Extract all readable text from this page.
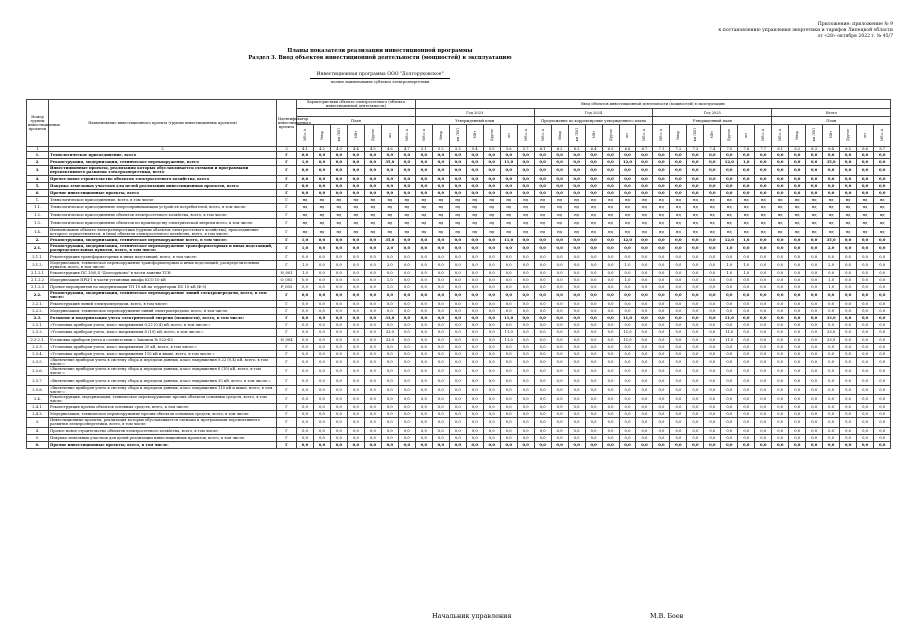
Приложение: приложение № 9
к постановлению управления энергетики и тарифов Липецкой области
от «28» октября 2022 г. № 45/7
Планы показатели реализации инвестиционной программы
Раздел 3. Ввод объектов инвестиционной деятельности (мощностей) в эксплуатацию
Инвестиционная программа ООО "Долгоруковское"
полное наименование субъекта электроэнергетики
Номер группы инвестиционных проектов	Наименование инвестиционного проекта (группы инвестиционных проектов)	Идентификатор инвестиционного проекта	Характеристики объекта электросетевого (объекта инвестиционной деятельности)							Ввод объектов инвестиционной деятельности (мощностей) в эксплуатацию																											
										Год 2023							Год 2024							Год 2025							Итого						
			План							Утвержденный план							Предложение по корректировке утвержденного плана							Утвержденный план							План						
			МВ×А	Мвар	км ЛЭП	МВт	Другое	шт	МВ×А	МВ×А	Мвар	км ЛЭП	МВт	Другое	шт	МВ×А	МВ×А	Мвар	км ЛЭП	МВт	Другое	шт	МВ×А	МВ×А	Мвар	км ЛЭП	МВт	Другое	шт	МВ×А	МВ×А	Мвар	км ЛЭП	МВт	Другое	шт	МВ×А
1	2	3	4.1	4.2	4.3	4.4	4.5	4.6	4.7	5.1	5.2	5.3	5.4	5.5	5.6	5.7	6.1	6.2	6.3	6.4	6.5	6.6	6.7	7.1	7.2	7.3	7.4	7.5	7.6	7.7	8.1	8.2	8.3	8.4	8.5	8.6	8.7
1.	Технологическое присоединение, всего	Г	0,0	0,0	0,0	0,0	0,0	0,0	0,0	0,0	0,0	0,0	0,0	0,0	0,0	0,0	0,0	0,0	0,0	0,0	0,0	0,0	0,0	0,0	0,0	0,0	0,0	0,0	0,0	0,0	0,0	0,0	0,0	0,0	0,0	0,0	0,0
2.	Реконструкция, модернизация, техническое перевооружение, всего	Г	1,0	0,0	0,0	0,0	0,0	35,0	0,0	0,0	0,0	0,0	0,0	0,0	11,0	0,0	0,0	0,0	0,0	0,0	0,0	12,0	0,0	0,0	0,0	0,0	0,0	12,0	1,0	0,0	0,0	0,0	0,0	35,0	0,0	0,0	0,0
3.	Инвестиционные проекты, реализация которых обуславливается схемами и программами перспективного развития электроэнергетики, всего	Г	0,0	0,0	0,0	0,0	0,0	0,0	0,0	0,0	0,0	0,0	0,0	0,0	0,0	0,0	0,0	0,0	0,0	0,0	0,0	0,0	0,0	0,0	0,0	0,0	0,0	0,0	0,0	0,0	0,0	0,0	0,0	0,0	0,0	0,0	0,0
4.	Прочее новое строительство объектов электросетевого хозяйства, всего	Г	0,0	0,0	0,0	0,0	0,0	0,0	0,0	0,0	0,0	0,0	0,0	0,0	0,0	0,0	0,0	0,0	0,0	0,0	0,0	0,0	0,0	0,0	0,0	0,0	0,0	0,0	0,0	0,0	0,0	0,0	0,0	0,0	0,0	0,0	0,0
5.	Покупка земельных участков для целей реализации инвестиционных проектов, всего	Г	0,0	0,0	0,0	0,0	0,0	0,0	0,0	0,0	0,0	0,0	0,0	0,0	0,0	0,0	0,0	0,0	0,0	0,0	0,0	0,0	0,0	0,0	0,0	0,0	0,0	0,0	0,0	0,0	0,0	0,0	0,0	0,0	0,0	0,0	0,0
6.	Прочие инвестиционные проекты, всего	Г	0,0	0,0	0,0	0,0	0,0	0,0	0,0	0,0	0,0	0,0	0,0	0,0	0,0	0,0	0,0	0,0	0,0	0,0	0,0	0,0	0,0	0,0	0,0	0,0	0,0	0,0	0,0	0,0	0,0	0,0	0,0	0,0	0,0	0,0	0,0
1.	Технологическое присоединение, всего, в том числе:	Г	нд	нд	нд	нд	нд	нд	нд	нд	нд	нд	нд	нд	нд	нд	нд	нд	нд	нд	нд	нд	нд	нд	нд	нд	нд	нд	нд	нд	нд	нд	нд	нд	нд	нд	нд
1.1.	Технологическое присоединение энергопринимающих устройств потребителей, всего, в том числе:	Г	нд	нд	нд	нд	нд	нд	нд	нд	нд	нд	нд	нд	нд	нд	нд	нд	нд	нд	нд	нд	нд	нд	нд	нд	нд	нд	нд	нд	нд	нд	нд	нд	нд	нд	нд
1.2.	Технологическое присоединение объектов электросетевого хозяйства, всего, в том числе:	Г	нд	нд	нд	нд	нд	нд	нд	нд	нд	нд	нд	нд	нд	нд	нд	нд	нд	нд	нд	нд	нд	нд	нд	нд	нд	нд	нд	нд	нд	нд	нд	нд	нд	нд	нд
1.3.	Технологическое присоединение объектов по производству электрической энергии всего, в том числе:	Г	нд	нд	нд	нд	нд	нд	нд	нд	нд	нд	нд	нд	нд	нд	нд	нд	нд	нд	нд	нд	нд	нд	нд	нд	нд	нд	нд	нд	нд	нд	нд	нд	нд	нд	нд
1.4.	Наименование объекта электроэнергетики (группы объектов электросетевого хозяйства), присоединение которого осуществляется, и (или) объектов электросетевого хозяйства, всего, в том числе:	Г	нд	нд	нд	нд	нд	нд	нд	нд	нд	нд	нд	нд	нд	нд	нд	нд	нд	нд	нд	нд	нд	нд	нд	нд	нд	нд	нд	нд	нд	нд	нд	нд	нд	нд	нд
2.	Реконструкция, модернизация, техническое перевооружение всего, в том числе:	Г	1,0	0,0	0,0	0,0	0,0	35,0	0,0	0,0	0,0	0,0	0,0	0,0	11,0	0,0	0,0	0,0	0,0	0,0	0,0	12,0	0,0	0,0	0,0	0,0	0,0	12,0	1,0	0,0	0,0	0,0	0,0	35,0	0,0	0,0	0,0
2.1.	Реконструкция, модернизация, техническое перевооружение трансформаторных и иных подстанций, распределительных пунктов, всего, в том числе:	Г	1,0	0,0	0,0	0,0	0,0	2,0	0,0	0,0	0,0	0,0	0,0	0,0	0,0	0,0	0,0	0,0	0,0	0,0	0,0	0,0	0,0	0,0	0,0	0,0	0,0	1,0	0,0	0,0	0,0	0,0	0,0	2,0	0,0	0,0	0,0
2.1.1.	Реконструкция трансформаторных и иных подстанций, всего, в том числе:	Г	0,0	0,0	0,0	0,0	0,0	0,0	0,0	0,0	0,0	0,0	0,0	0,0	0,0	0,0	0,0	0,0	0,0	0,0	0,0	0,0	0,0	0,0	0,0	0,0	0,0	0,0	0,0	0,0	0,0	0,0	0,0	0,0	0,0	0,0	0,0
2.1.2.	Модернизация, техническое перевооружение трансформаторных и иных подстанций, распределительных пунктов, всего, в том числе:	Г	1,0	0,0	0,0	0,0	0,0	2,0	0,0	0,0	0,0	0,0	0,0	0,0	0,0	0,0	0,0	0,0	0,0	0,0	0,0	1,0	0,0	0,0	0,0	0,0	0,0	1,0	1,0	0,0	0,0	0,0	0,0	2,0	0,0	0,0	0,0
2.1.2.1	Реконструкция ПС 10/0,4 "Долгоруково" в части замены ТСН	N_001	1,0	0,0	0,0	0,0	0,0	0,0	0,0	0,0	0,0	0,0	0,0	0,0	0,0	0,0	0,0	0,0	0,0	0,0	0,0	0,0	0,0	0,0	0,0	0,0	0,0	1,0	1,0	0,0	0,0	0,0	0,0	0,0	0,0	0,0	0,0
2.1.2.2	Модернизация ПРЦ-1 в части установки шкафа КСО 10 кВ	O_002	0,0	0,0	0,0	0,0	0,0	1,0	0,0	0,0	0,0	0,0	0,0	0,0	0,0	0,0	0,0	0,0	0,0	0,0	0,0	1,0	0,0	0,0	0,0	0,0	0,0	0,0	0,0	0,0	0,0	0,0	0,0	1,0	0,0	0,0	0,0
2.1.2.3	Прочие мероприятия по модернизации ТП 10 кВ на территории ПС 10 кВ (Ф-5)	P_003	0,0	0,0	0,0	0,0	0,0	1,0	0,0	0,0	0,0	0,0	0,0	0,0	0,0	0,0	0,0	0,0	0,0	0,0	0,0	0,0	0,0	0,0	0,0	0,0	0,0	0,0	0,0	0,0	0,0	0,0	0,0	1,0	0,0	0,0	0,0
2.2.	Реконструкция, модернизация, техническое перевооружение линий электропередачи, всего, в том числе:	Г	0,0	0,0	0,0	0,0	0,0	0,0	0,0	0,0	0,0	0,0	0,0	0,0	0,0	0,0	0,0	0,0	0,0	0,0	0,0	0,0	0,0	0,0	0,0	0,0	0,0	0,0	0,0	0,0	0,0	0,0	0,0	0,0	0,0	0,0	0,0
2.2.1.	Реконструкция линий электропередачи, всего, в том числе:	Г	0,0	0,0	0,0	0,0	0,0	0,0	0,0	0,0	0,0	0,0	0,0	0,0	0,0	0,0	0,0	0,0	0,0	0,0	0,0	0,0	0,0	0,0	0,0	0,0	0,0	0,0	0,0	0,0	0,0	0,0	0,0	0,0	0,0	0,0	0,0
2.2.2.	Модернизация, техническое перевооружение линий электропередачи, всего, в том числе:	Г	0,0	0,0	0,0	0,0	0,0	0,0	0,0	0,0	0,0	0,0	0,0	0,0	0,0	0,0	0,0	0,0	0,0	0,0	0,0	0,0	0,0	0,0	0,0	0,0	0,0	0,0	0,0	0,0	0,0	0,0	0,0	0,0	0,0	0,0	0,0
2.3.	Развитие и модернизация учета электрической энергии (мощности), всего, в том числе:	Г	0,0	0,0	0,0	0,0	0,0	33,0	0,0	0,0	0,0	0,0	0,0	0,0	11,0	0,0	0,0	0,0	0,0	0,0	0,0	11,0	0,0	0,0	0,0	0,0	0,0	11,0	0,0	0,0	0,0	0,0	0,0	33,0	0,0	0,0	0,0
2.3.1.	«Установка приборов учета, класс напряжения 0,22 (0,4) кВ, всего, в том числе:»	Г	0,0	0,0	0,0	0,0	0,0	0,0	0,0	0,0	0,0	0,0	0,0	0,0	0,0	0,0	0,0	0,0	0,0	0,0	0,0	0,0	0,0	0,0	0,0	0,0	0,0	0,0	0,0	0,0	0,0	0,0	0,0	0,0	0,0	0,0	0,0
2.3.2.	«Установка приборов учета, класс напряжения 6 (10) кВ, всего, в том числе:»	Г	0,0	0,0	0,0	0,0	0,0	33,0	0,0	0,0	0,0	0,0	0,0	0,0	11,0	0,0	0,0	0,0	0,0	0,0	0,0	11,0	0,0	0,0	0,0	0,0	0,0	11,0	0,0	0,0	0,0	0,0	0,0	33,0	0,0	0,0	0,0
2.3.2.1.	Установка приборов учета в соответствии с Законом № 522-ФЗ	N_004	0,0	0,0	0,0	0,0	0,0	33,0	0,0	0,0	0,0	0,0	0,0	0,0	11,0	0,0	0,0	0,0	0,0	0,0	0,0	11,0	0,0	0,0	0,0	0,0	0,0	11,0	0,0	0,0	0,0	0,0	0,0	33,0	0,0	0,0	0,0
2.3.3.	«Установка приборов учета, класс напряжения 35 кВ, всего, в том числе:»	Г	0,0	0,0	0,0	0,0	0,0	0,0	0,0	0,0	0,0	0,0	0,0	0,0	0,0	0,0	0,0	0,0	0,0	0,0	0,0	0,0	0,0	0,0	0,0	0,0	0,0	0,0	0,0	0,0	0,0	0,0	0,0	0,0	0,0	0,0	0,0
2.3.4.	«Установка приборов учета, класс напряжения 110 кВ и выше, всего, в том числе:»	Г	0,0	0,0	0,0	0,0	0,0	0,0	0,0	0,0	0,0	0,0	0,0	0,0	0,0	0,0	0,0	0,0	0,0	0,0	0,0	0,0	0,0	0,0	0,0	0,0	0,0	0,0	0,0	0,0	0,0	0,0	0,0	0,0	0,0	0,0	0,0
2.3.5.	«Включение приборов учета в систему сбора и передачи данных, класс напряжения 0,22 (0,4) кВ, всего, в том числе:»	Г	0,0	0,0	0,0	0,0	0,0	0,0	0,0	0,0	0,0	0,0	0,0	0,0	0,0	0,0	0,0	0,0	0,0	0,0	0,0	0,0	0,0	0,0	0,0	0,0	0,0	0,0	0,0	0,0	0,0	0,0	0,0	0,0	0,0	0,0	0,0
2.3.6.	«Включение приборов учета в систему сбора и передачи данных, класс напряжения 6 (10) кВ, всего, в том числе:»	Г	0,0	0,0	0,0	0,0	0,0	0,0	0,0	0,0	0,0	0,0	0,0	0,0	0,0	0,0	0,0	0,0	0,0	0,0	0,0	0,0	0,0	0,0	0,0	0,0	0,0	0,0	0,0	0,0	0,0	0,0	0,0	0,0	0,0	0,0	0,0
2.3.7.	«Включение приборов учета в систему сбора и передачи данных, класс напряжения 35 кВ, всего, в том числе:»	Г	0,0	0,0	0,0	0,0	0,0	0,0	0,0	0,0	0,0	0,0	0,0	0,0	0,0	0,0	0,0	0,0	0,0	0,0	0,0	0,0	0,0	0,0	0,0	0,0	0,0	0,0	0,0	0,0	0,0	0,0	0,0	0,0	0,0	0,0	0,0
2.3.8.	«Включение приборов учета в систему сбора и передачи данных, класс напряжения 110 кВ и выше, всего, в том числе:»	Г	0,0	0,0	0,0	0,0	0,0	0,0	0,0	0,0	0,0	0,0	0,0	0,0	0,0	0,0	0,0	0,0	0,0	0,0	0,0	0,0	0,0	0,0	0,0	0,0	0,0	0,0	0,0	0,0	0,0	0,0	0,0	0,0	0,0	0,0	0,0
2.4.	Реконструкция, модернизация, техническое перевооружение прочих объектов основных средств, всего, в том числе:	Г	0,0	0,0	0,0	0,0	0,0	0,0	0,0	0,0	0,0	0,0	0,0	0,0	0,0	0,0	0,0	0,0	0,0	0,0	0,0	0,0	0,0	0,0	0,0	0,0	0,0	0,0	0,0	0,0	0,0	0,0	0,0	0,0	0,0	0,0	0,0
2.4.1.	Реконструкция прочих объектов основных средств, всего, в том числе:	Г	0,0	0,0	0,0	0,0	0,0	0,0	0,0	0,0	0,0	0,0	0,0	0,0	0,0	0,0	0,0	0,0	0,0	0,0	0,0	0,0	0,0	0,0	0,0	0,0	0,0	0,0	0,0	0,0	0,0	0,0	0,0	0,0	0,0	0,0	0,0
2.4.2.	Модернизация, техническое перевооружение прочих объектов основных средств, всего, в том числе:	Г	0,0	0,0	0,0	0,0	0,0	0,0	0,0	0,0	0,0	0,0	0,0	0,0	0,0	0,0	0,0	0,0	0,0	0,0	0,0	0,0	0,0	0,0	0,0	0,0	0,0	0,0	0,0	0,0	0,0	0,0	0,0	0,0	0,0	0,0	0,0
3.	Инвестиционные проекты, реализация которых обуславливается схемами и программами перспективного развития электроэнергетики, всего, в том числе:	Г	0,0	0,0	0,0	0,0	0,0	0,0	0,0	0,0	0,0	0,0	0,0	0,0	0,0	0,0	0,0	0,0	0,0	0,0	0,0	0,0	0,0	0,0	0,0	0,0	0,0	0,0	0,0	0,0	0,0	0,0	0,0	0,0	0,0	0,0	0,0
4.	Прочее новое строительство объектов электросетевого хозяйства, всего, в том числе:	Г	0,0	0,0	0,0	0,0	0,0	0,0	0,0	0,0	0,0	0,0	0,0	0,0	0,0	0,0	0,0	0,0	0,0	0,0	0,0	0,0	0,0	0,0	0,0	0,0	0,0	0,0	0,0	0,0	0,0	0,0	0,0	0,0	0,0	0,0	0,0
5.	Покупка земельных участков для целей реализации инвестиционных проектов, всего, в том числе:	Г	0,0	0,0	0,0	0,0	0,0	0,0	0,0	0,0	0,0	0,0	0,0	0,0	0,0	0,0	0,0	0,0	0,0	0,0	0,0	0,0	0,0	0,0	0,0	0,0	0,0	0,0	0,0	0,0	0,0	0,0	0,0	0,0	0,0	0,0	0,0
6.	Прочие инвестиционные проекты, всего, в том числе:	Г	0,0	0,0	0,0	0,0	0,0	0,0	0,0	0,0	0,0	0,0	0,0	0,0	0,0	0,0	0,0	0,0	0,0	0,0	0,0	0,0	0,0	0,0	0,0	0,0	0,0	0,0	0,0	0,0	0,0	0,0	0,0	0,0	0,0	0,0	0,0
Начальник управления	М.В. Боев
